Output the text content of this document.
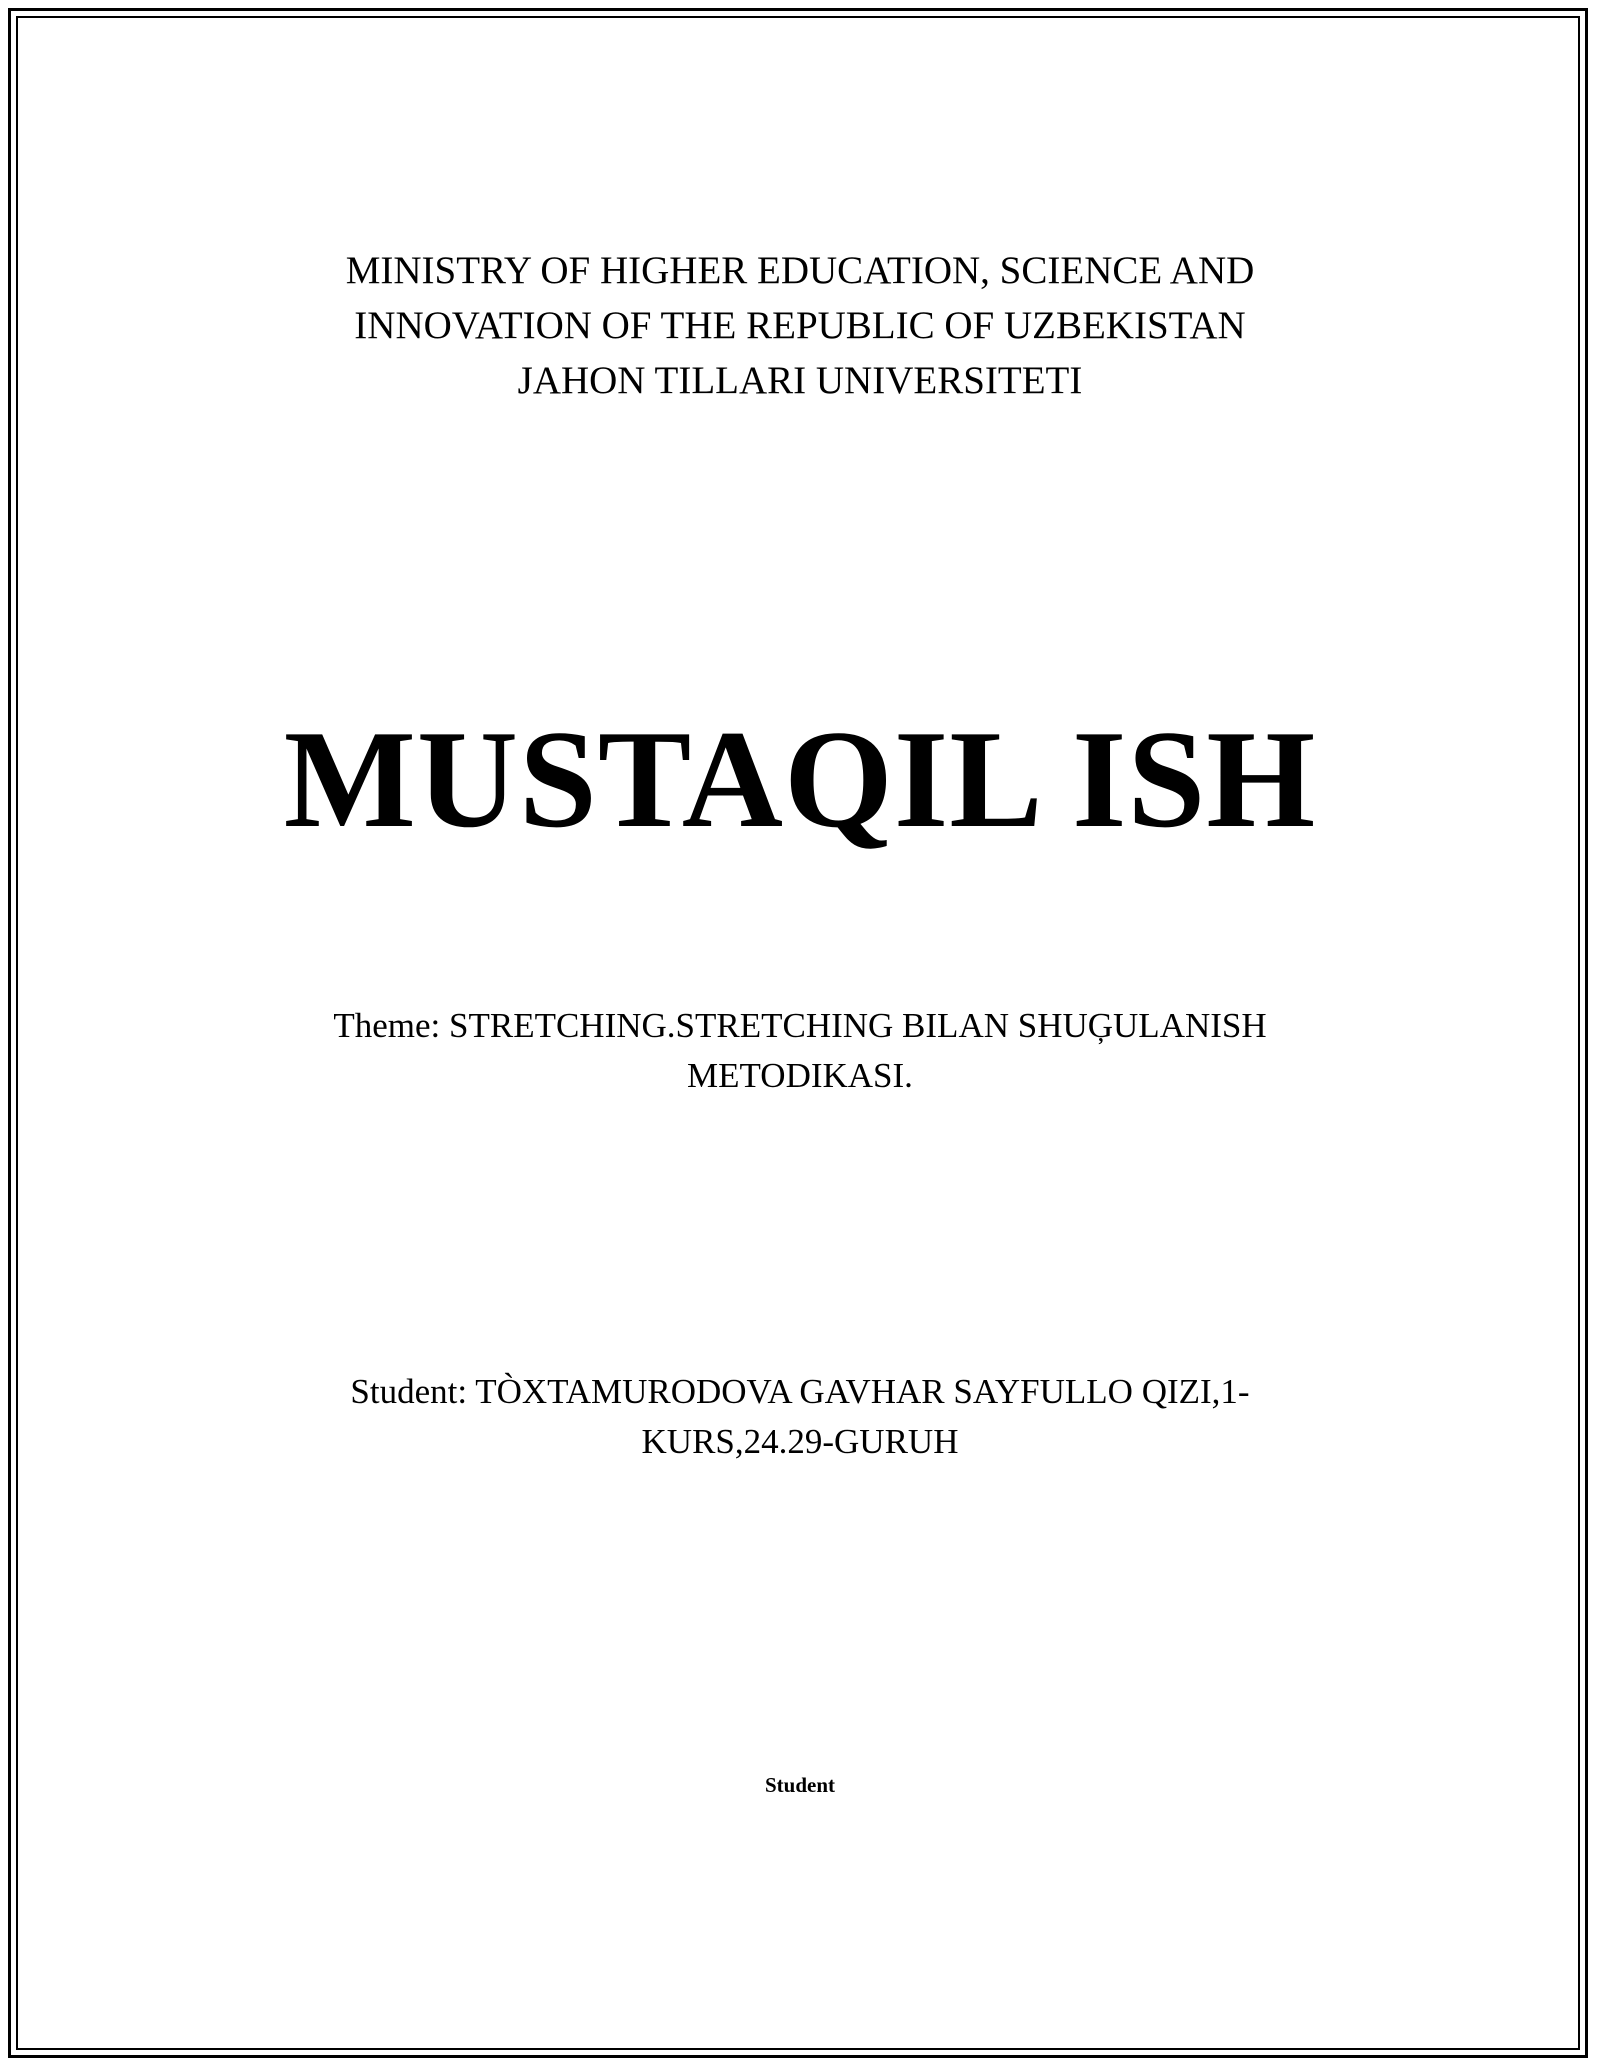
MINISTRY OF HIGHER EDUCATION, SCIENCE AND
INNOVATION OF THE REPUBLIC OF UZBEKISTAN
JAHON TILLARI UNIVERSITETI
MUSTAQIL ISH
Theme: STRETCHING.STRETCHING BILAN SHUĢULANISH
METODIKASI.
Student: TÒXTAMURODOVA GAVHAR SAYFULLO QIZI,1-
KURS,24.29-GURUH
Student
